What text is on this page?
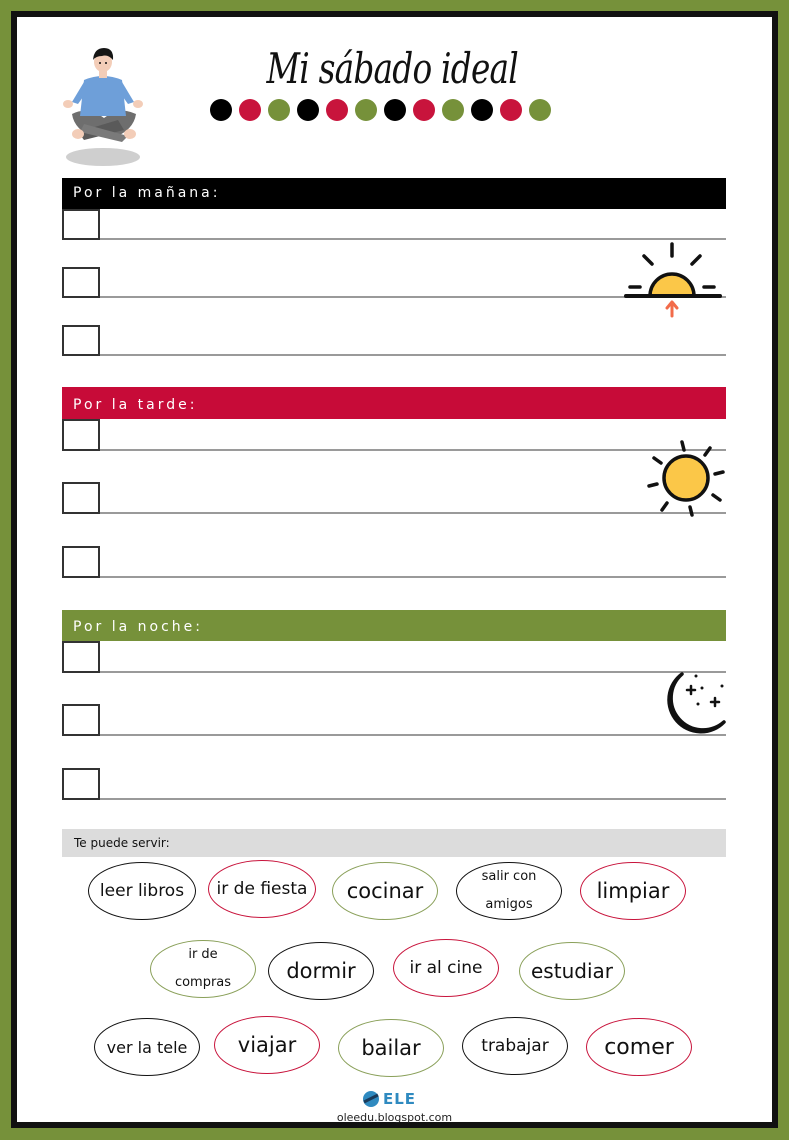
Mi sábado ideal
Por la mañana:
Por la tarde:
Por la noche:
Te puede servir:
leer libros ir de fiesta cocinar
salir con
amigos
limpiar
ir de
compras	dormir	ir al cine estudiar
ver la tele viajar	bailar	trabajar	comer
ELE
oleedu.blogspot.com
